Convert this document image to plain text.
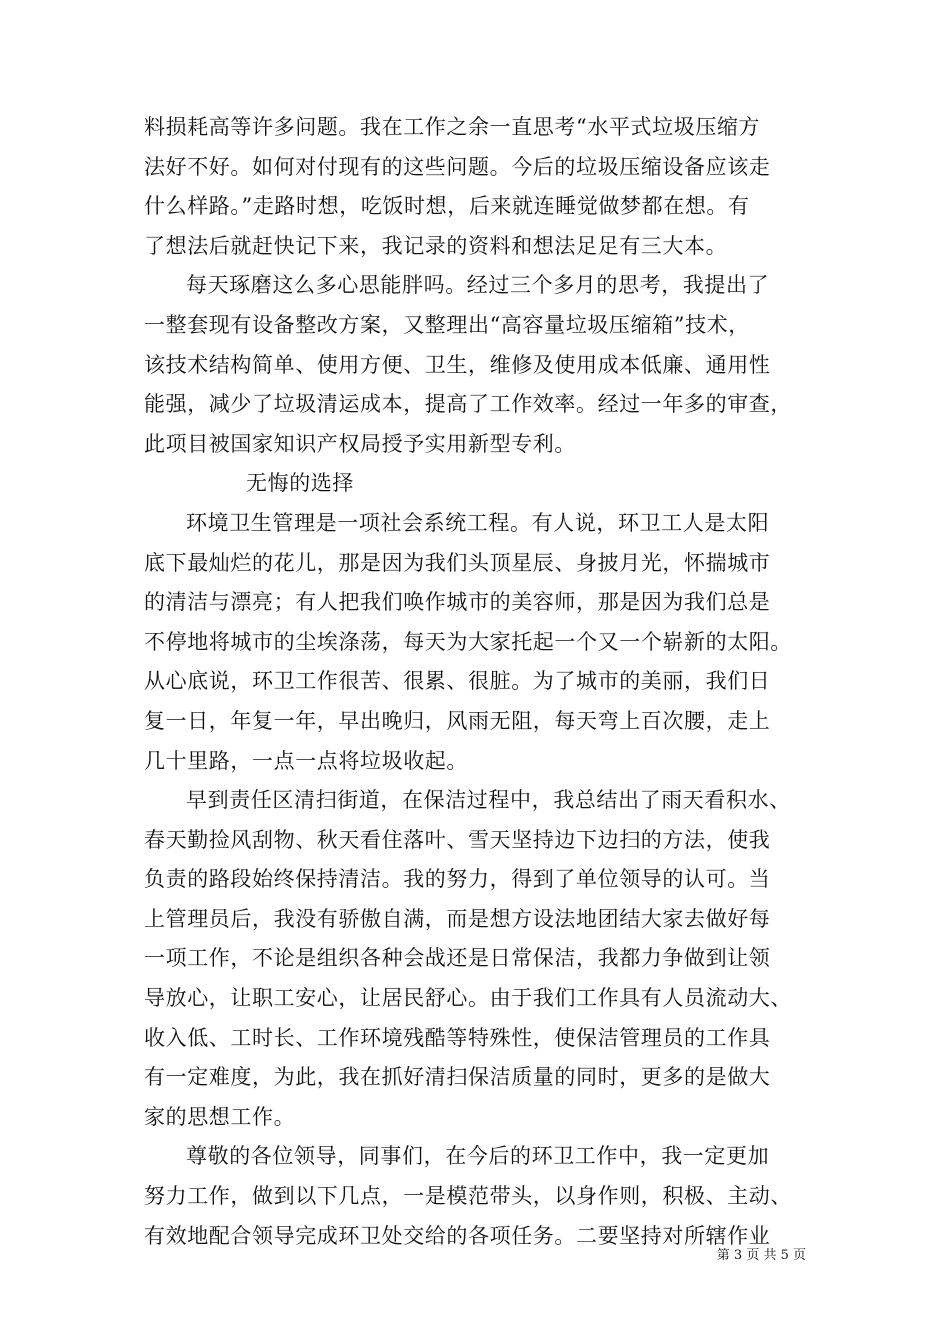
料损耗高等许多问题。我在工作之余一直思考“水平式垃圾压缩方
法好不好。如何对付现有的这些问题。今后的垃圾压缩设备应该走
什么样路。”走路时想，吃饭时想，后来就连睡觉做梦都在想。有
了想法后就赶快记下来，我记录的资料和想法足足有三大本。
每天琢磨这么多心思能胖吗。经过三个多月的思考，我提出了
一整套现有设备整改方案，又整理出“高容量垃圾压缩箱”技术，
该技术结构简单、使用方便、卫生，维修及使用成本低廉、通用性
能强，减少了垃圾清运成本，提高了工作效率。经过一年多的审查，
此项目被国家知识产权局授予实用新型专利。
无悔的选择
环境卫生管理是一项社会系统工程。有人说，环卫工人是太阳
底下最灿烂的花儿，那是因为我们头顶星辰、身披月光，怀揣城市
的清洁与漂亮；有人把我们唤作城市的美容师，那是因为我们总是
不停地将城市的尘埃涤荡，每天为大家托起一个又一个崭新的太阳。
从心底说，环卫工作很苦、很累、很脏。为了城市的美丽，我们日
复一日，年复一年，早出晚归，风雨无阻，每天弯上百次腰，走上
几十里路，一点一点将垃圾收起。
早到责任区清扫街道，在保洁过程中，我总结出了雨天看积水、
春天勤捡风刮物、秋天看住落叶、雪天坚持边下边扫的方法，使我
负责的路段始终保持清洁。我的努力，得到了单位领导的认可。当
上管理员后，我没有骄傲自满，而是想方设法地团结大家去做好每
一项工作，不论是组织各种会战还是日常保洁，我都力争做到让领
导放心，让职工安心，让居民舒心。由于我们工作具有人员流动大、
收入低、工时长、工作环境残酷等特殊性，使保洁管理员的工作具
有一定难度，为此，我在抓好清扫保洁质量的同时，更多的是做大
家的思想工作。
尊敬的各位领导，同事们，在今后的环卫工作中，我一定更加
努力工作，做到以下几点，一是模范带头，以身作则，积极、主动、
有效地配合领导完成环卫处交给的各项任务。二要坚持对所辖作业
第 3 页 共 5 页
